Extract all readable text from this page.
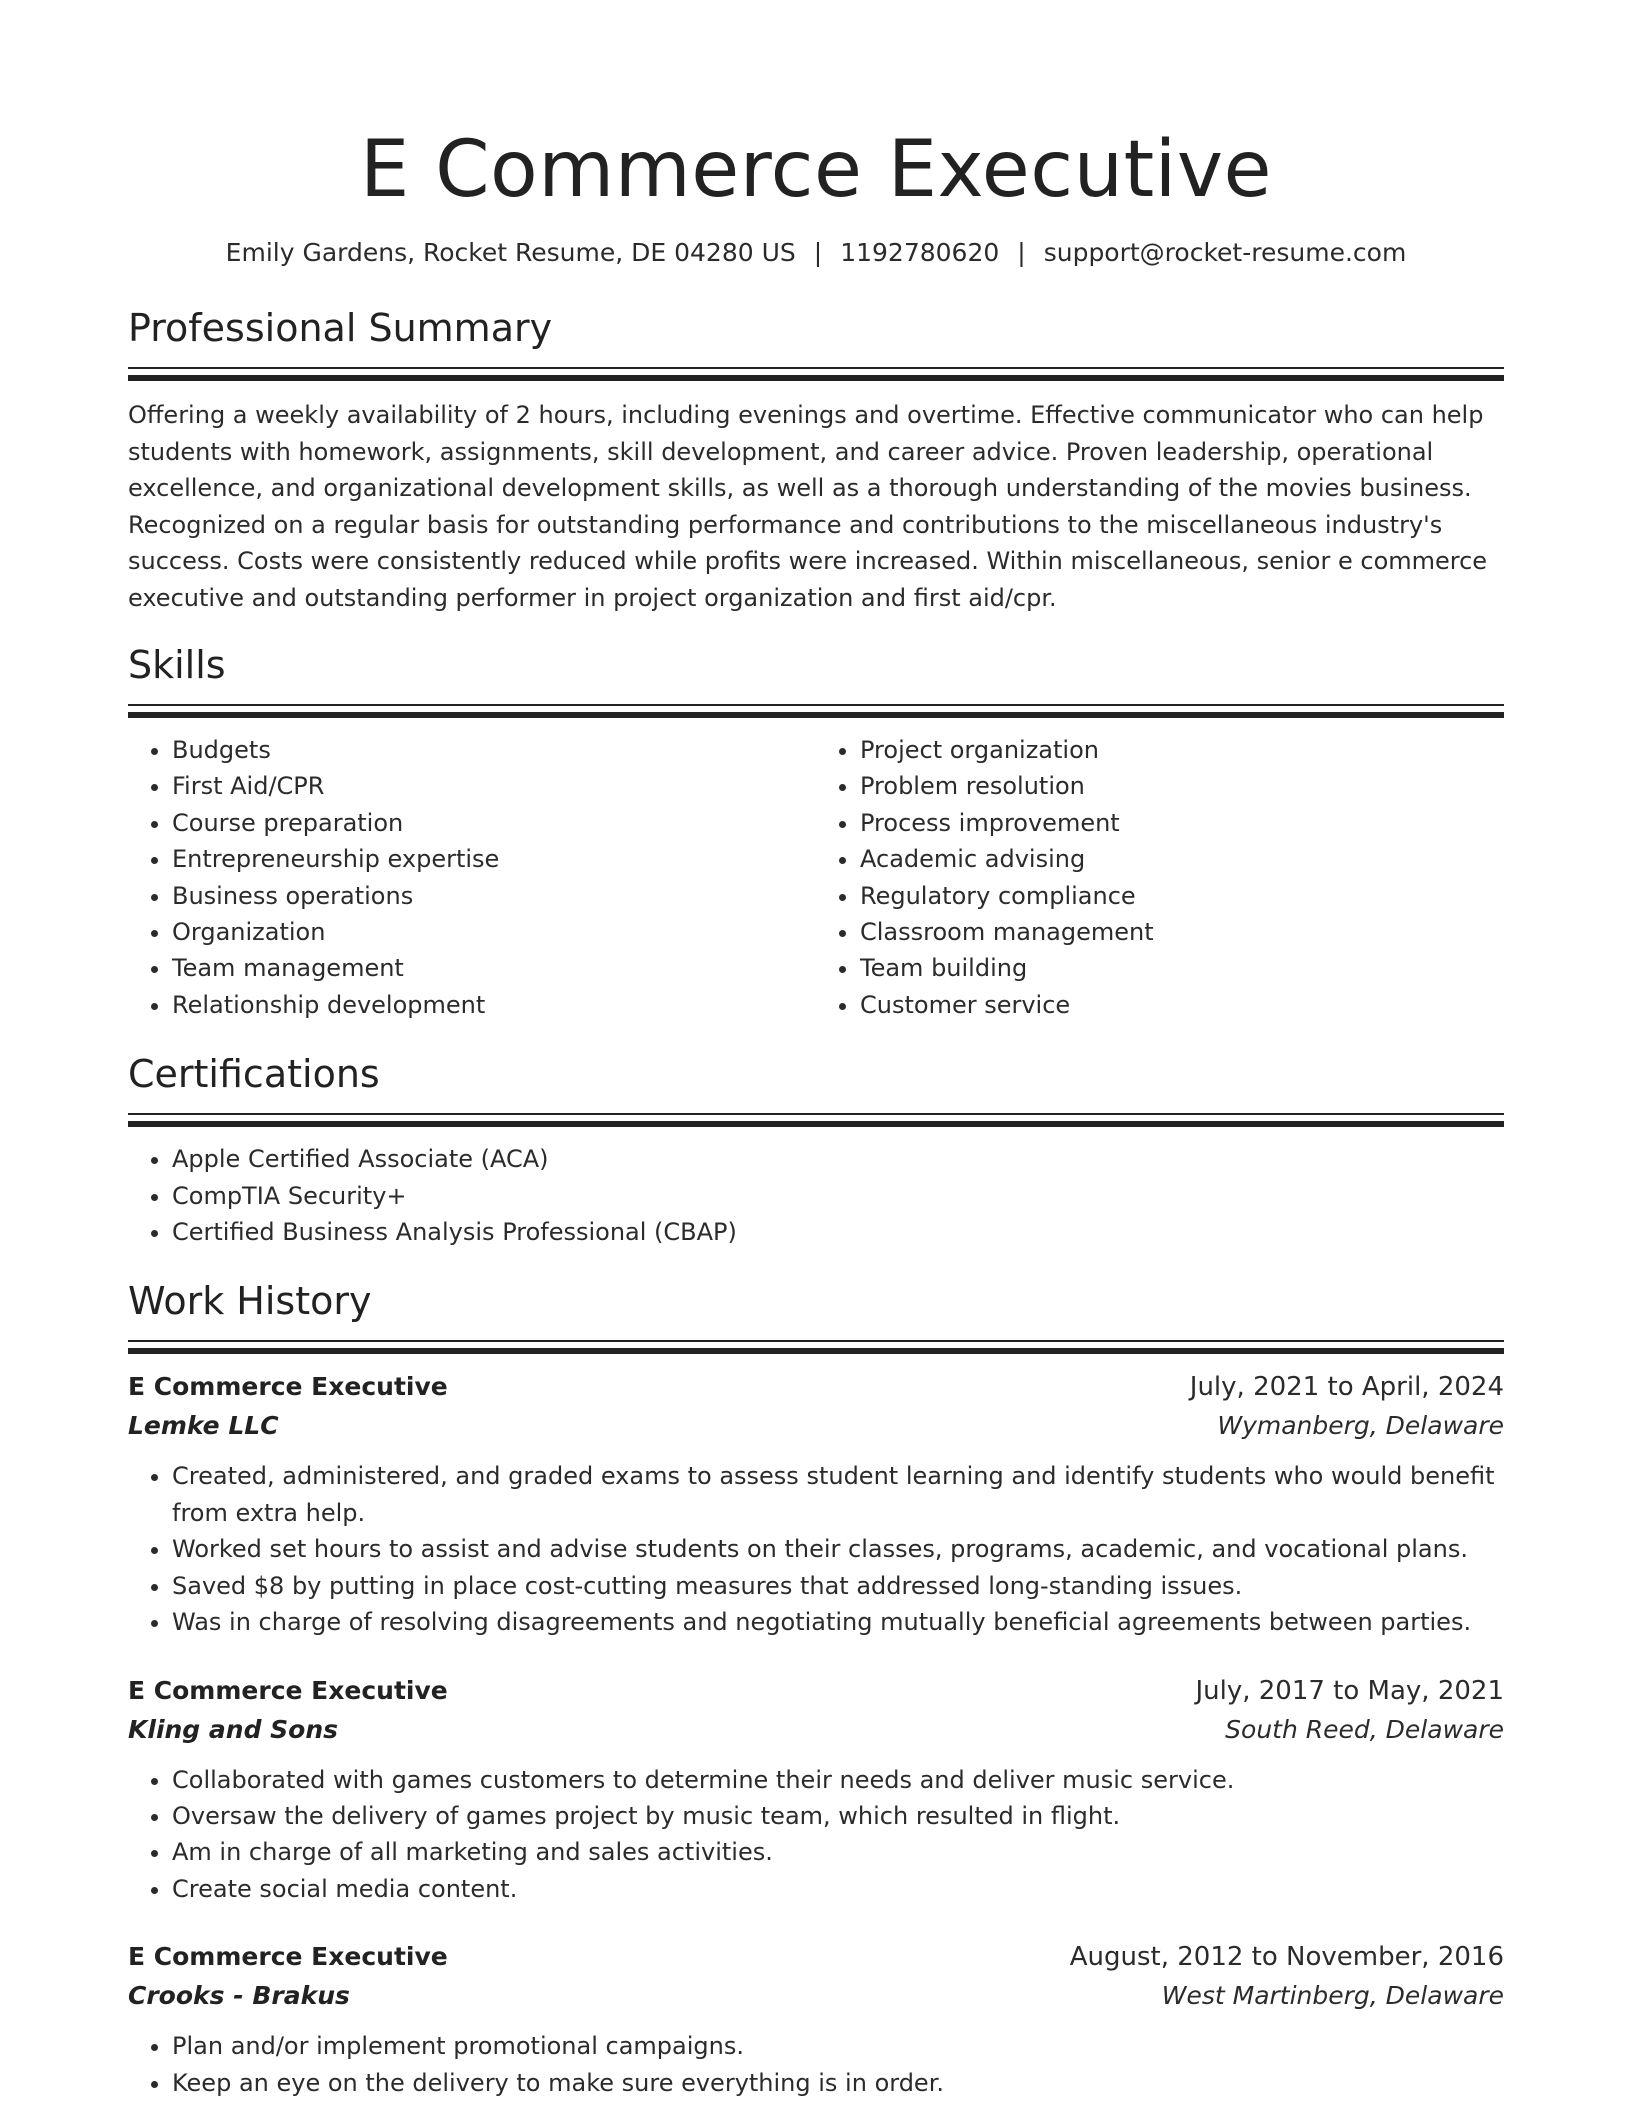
E Commerce Executive
Emily Gardens, Rocket Resume, DE 04280 US | 1192780620 | support@rocket-resume.com
Professional Summary

Offering a weekly availability of 2 hours, including evenings and overtime. Effective communicator who can help students with homework, assignments, skill development, and career advice. Proven leadership, operational excellence, and organizational development skills, as well as a thorough understanding of the movies business. Recognized on a regular basis for outstanding performance and contributions to the miscellaneous industry's success. Costs were consistently reduced while profits were increased. Within miscellaneous, senior e commerce executive and outstanding performer in project organization and first aid/cpr.

Skills
• Budgets
• First Aid/CPR
• Course preparation
• Entrepreneurship expertise
• Business operations
• Organization
• Team management
• Relationship development
• Project organization
• Problem resolution
• Process improvement
• Academic advising
• Regulatory compliance
• Classroom management
• Team building
• Customer service
Certifications
• Apple Certified Associate (ACA)
• CompTIA Security+
• Certified Business Analysis Professional (CBAP)
Work History
E Commerce Executive	July, 2021 to April, 2024
Lemke LLC	Wymanberg, Delaware
• Created, administered, and graded exams to assess student learning and identify students who would benefit from extra help.
• Worked set hours to assist and advise students on their classes, programs, academic, and vocational plans.
• Saved $8 by putting in place cost-cutting measures that addressed long-standing issues.
• Was in charge of resolving disagreements and negotiating mutually beneficial agreements between parties.
E Commerce Executive	July, 2017 to May, 2021
Kling and Sons	South Reed, Delaware
• Collaborated with games customers to determine their needs and deliver music service.
• Oversaw the delivery of games project by music team, which resulted in flight.
• Am in charge of all marketing and sales activities.
• Create social media content.
E Commerce Executive	August, 2012 to November, 2016
Crooks - Brakus	West Martinberg, Delaware
• Plan and/or implement promotional campaigns.
• Keep an eye on the delivery to make sure everything is in order.
